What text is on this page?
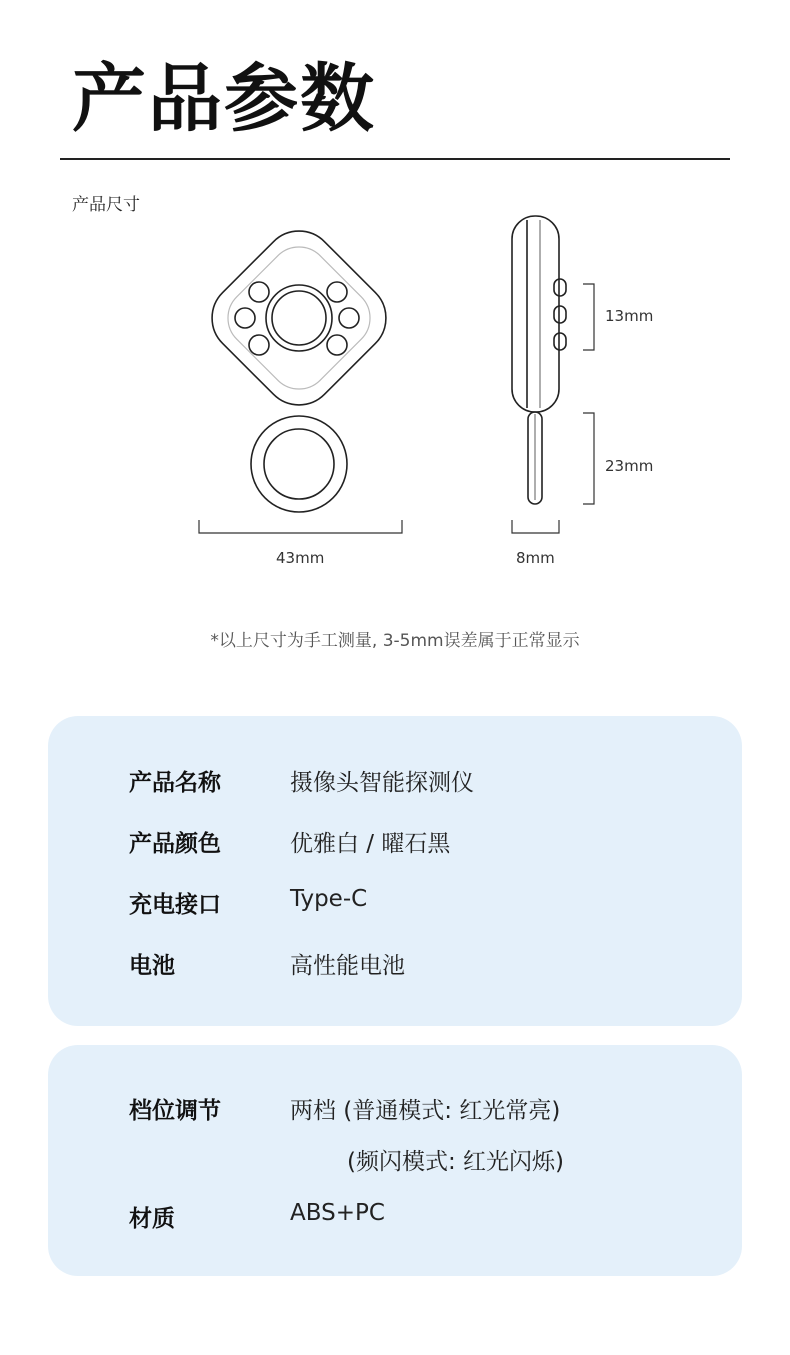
产品参数
产品尺寸
13mm
23mm
43mm	8mm
*以上尺寸为手工测量, 3-5mm误差属于正常显示
产品名称	摄像头智能探测仪
产品颜色	优雅白 / 曜石黑
充电接口	Type-C
电池	高性能电池
档位调节	两档 (普通模式: 红光常亮)
(频闪模式: 红光闪烁)
材质	ABS+PC
